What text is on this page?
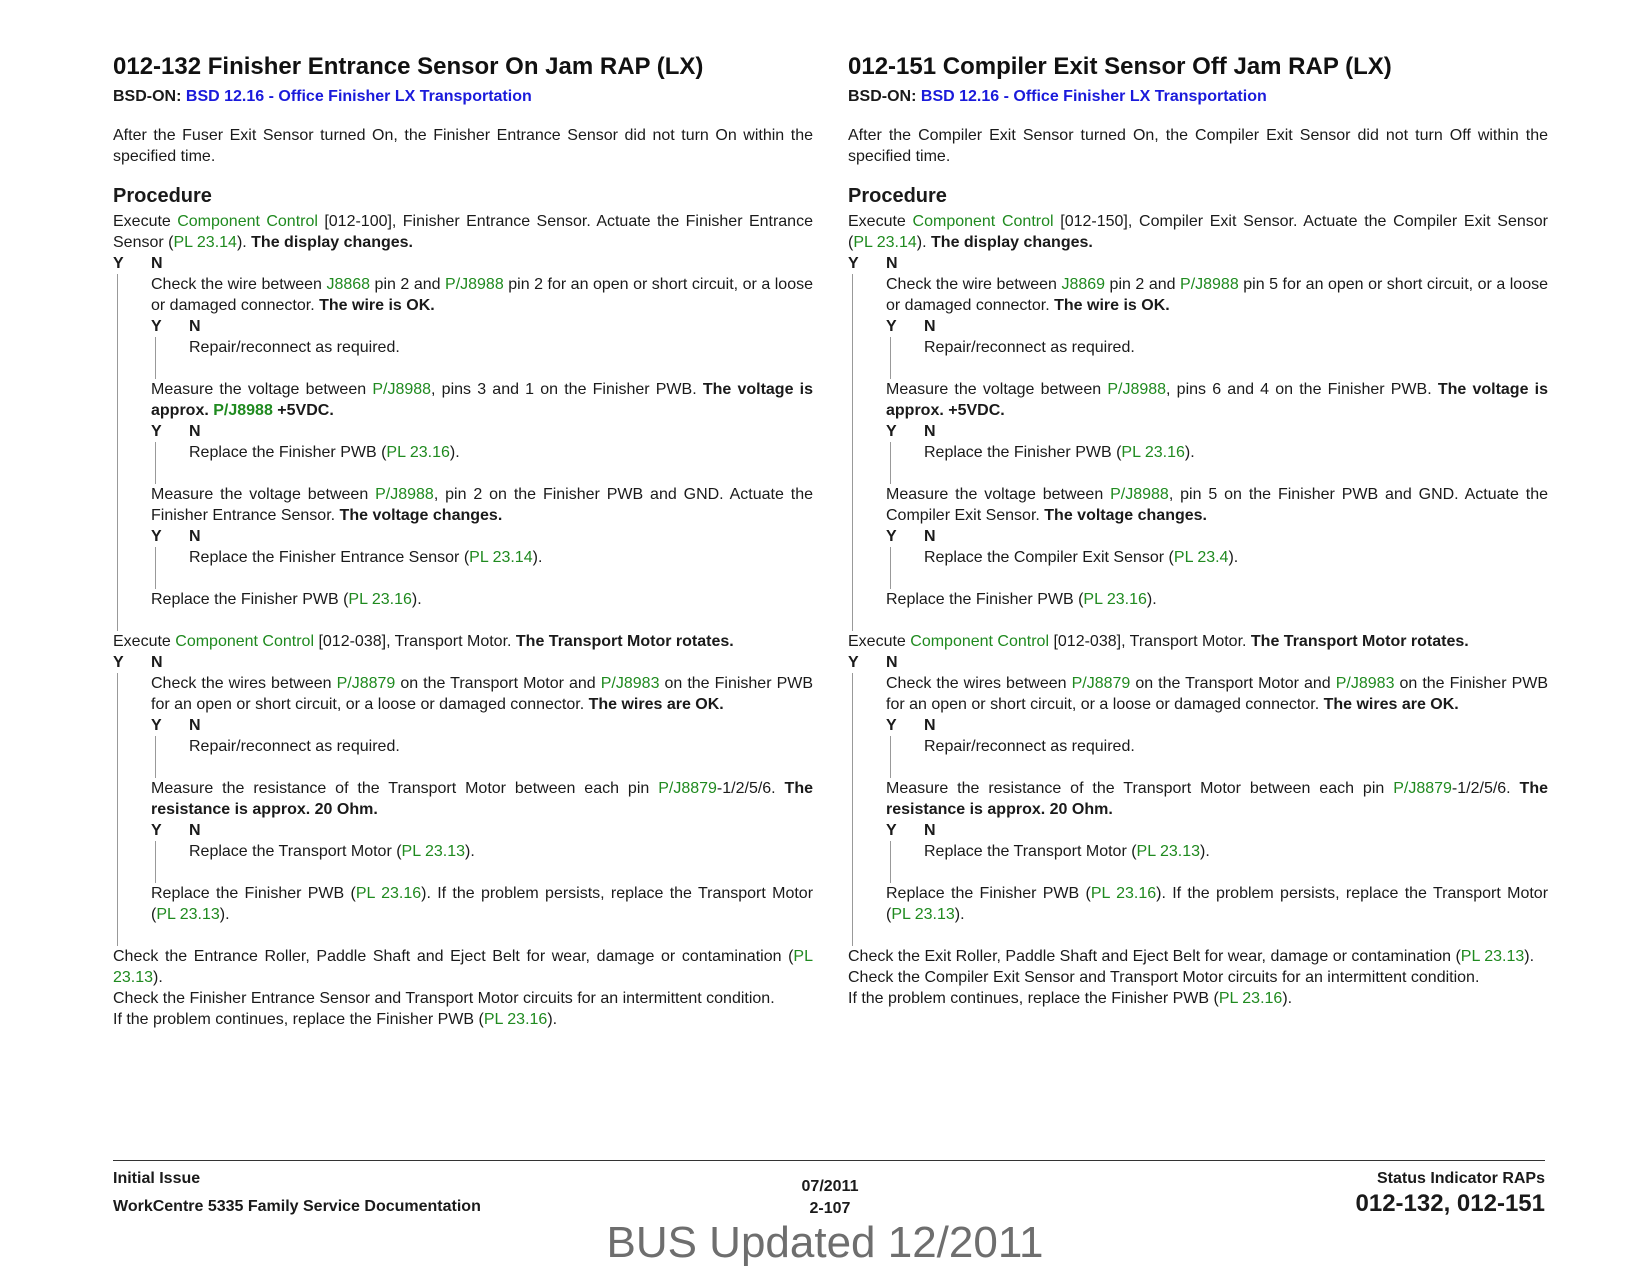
012-132 Finisher Entrance Sensor On Jam RAP (LX)
BSD-ON: BSD 12.16 - Office Finisher LX Transportation

After the Fuser Exit Sensor turned On, the Finisher Entrance Sensor did not turn On within the specified time.

Procedure

Execute Component Control [012-100], Finisher Entrance Sensor. Actuate the Finisher Entrance Sensor (PL 23.14). The display changes.

Y N

Check the wire between J8868 pin 2 and P/J8988 pin 2 for an open or short circuit, or a loose or damaged connector. The wire is OK.

Y N

Repair/reconnect as required.

Measure the voltage between P/J8988, pins 3 and 1 on the Finisher PWB. The voltage is approx. P/J8988 +5VDC.

Y N

Replace the Finisher PWB (PL 23.16).

Measure the voltage between P/J8988, pin 2 on the Finisher PWB and GND. Actuate the Finisher Entrance Sensor. The voltage changes.

Y N

Replace the Finisher Entrance Sensor (PL 23.14).

Replace the Finisher PWB (PL 23.16).

Execute Component Control [012-038], Transport Motor. The Transport Motor rotates.

Y N

Check the wires between P/J8879 on the Transport Motor and P/J8983 on the Finisher PWB for an open or short circuit, or a loose or damaged connector. The wires are OK.

Y N

Repair/reconnect as required.

Measure the resistance of the Transport Motor between each pin P/J8879-1/2/5/6. The resistance is approx. 20 Ohm.

Y N

Replace the Transport Motor (PL 23.13).

Replace the Finisher PWB (PL 23.16). If the problem persists, replace the Transport Motor (PL 23.13).

Check the Entrance Roller, Paddle Shaft and Eject Belt for wear, damage or contamination (PL 23.13).

Check the Finisher Entrance Sensor and Transport Motor circuits for an intermittent condition.

If the problem continues, replace the Finisher PWB (PL 23.16).

012-151 Compiler Exit Sensor Off Jam RAP (LX)
BSD-ON: BSD 12.16 - Office Finisher LX Transportation

After the Compiler Exit Sensor turned On, the Compiler Exit Sensor did not turn Off within the specified time.

Procedure

Execute Component Control [012-150], Compiler Exit Sensor. Actuate the Compiler Exit Sensor (PL 23.14). The display changes.

Y N

Check the wire between J8869 pin 2 and P/J8988 pin 5 for an open or short circuit, or a loose or damaged connector. The wire is OK.

Y N

Repair/reconnect as required.

Measure the voltage between P/J8988, pins 6 and 4 on the Finisher PWB. The voltage is approx. +5VDC.

Y N

Replace the Finisher PWB (PL 23.16).

Measure the voltage between P/J8988, pin 5 on the Finisher PWB and GND. Actuate the Compiler Exit Sensor. The voltage changes.

Y N

Replace the Compiler Exit Sensor (PL 23.4).

Replace the Finisher PWB (PL 23.16).

Execute Component Control [012-038], Transport Motor. The Transport Motor rotates.

Y N

Check the wires between P/J8879 on the Transport Motor and P/J8983 on the Finisher PWB for an open or short circuit, or a loose or damaged connector. The wires are OK.

Y N

Repair/reconnect as required.

Measure the resistance of the Transport Motor between each pin P/J8879-1/2/5/6. The resistance is approx. 20 Ohm.

Y N

Replace the Transport Motor (PL 23.13).

Replace the Finisher PWB (PL 23.16). If the problem persists, replace the Transport Motor (PL 23.13).

Check the Exit Roller, Paddle Shaft and Eject Belt for wear, damage or contamination (PL 23.13).

Check the Compiler Exit Sensor and Transport Motor circuits for an intermittent condition.

If the problem continues, replace the Finisher PWB (PL 23.16).

Initial Issue
WorkCentre 5335 Family Service Documentation
07/2011
2-107
Status Indicator RAPs
012-132, 012-151
BUS Updated 12/2011
